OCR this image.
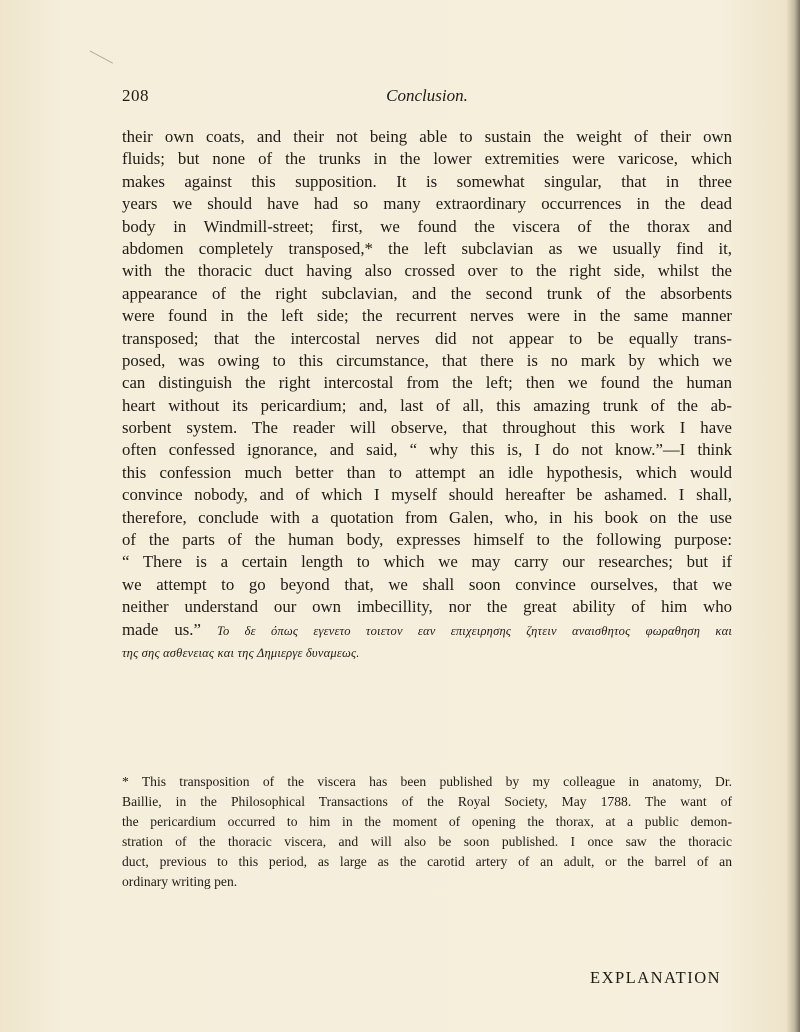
208	Conclusion.

their own coats, and their not being able to sustain the weight of their own
fluids; but none of the trunks in the lower extremities were varicose, which
makes against this supposition. It is somewhat singular, that in three
years we should have had so many extraordinary occurrences in the dead
body in Windmill-street; first, we found the viscera of the thorax and
abdomen completely transposed,* the left subclavian as we usually find it,
with the thoracic duct having also crossed over to the right side, whilst the
appearance of the right subclavian, and the second trunk of the absorbents
were found in the left side; the recurrent nerves were in the same manner
transposed; that the intercostal nerves did not appear to be equally trans-
posed, was owing to this circumstance, that there is no mark by which we
can distinguish the right intercostal from the left; then we found the human
heart without its pericardium; and, last of all, this amazing trunk of the ab-
sorbent system. The reader will observe, that throughout this work I have
often confessed ignorance, and said, “ why this is, I do not know.”—I think
this confession much better than to attempt an idle hypothesis, which would
convince nobody, and of which I myself should hereafter be ashamed. I shall,
therefore, conclude with a quotation from Galen, who, in his book on the use
of the parts of the human body, expresses himself to the following purpose:
“ There is a certain length to which we may carry our researches; but if
we attempt to go beyond that, we shall soon convince ourselves, that we
neither understand our own imbecillity, nor the great ability of him who
made us.” Το δε όπως εγενετο τοιετον εαν επιχειρησης ζητειν αναισθητος φωραθηση και
της σης ασθενειας και της Δημιεργε δυναμεως.

* This transposition of the viscera has been published by my colleague in anatomy, Dr.
Baillie, in the Philosophical Transactions of the Royal Society, May 1788. The want of
the pericardium occurred to him in the moment of opening the thorax, at a public demon-
stration of the thoracic viscera, and will also be soon published. I once saw the thoracic
duct, previous to this period, as large as the carotid artery of an adult, or the barrel of an
ordinary writing pen.
EXPLANATION
